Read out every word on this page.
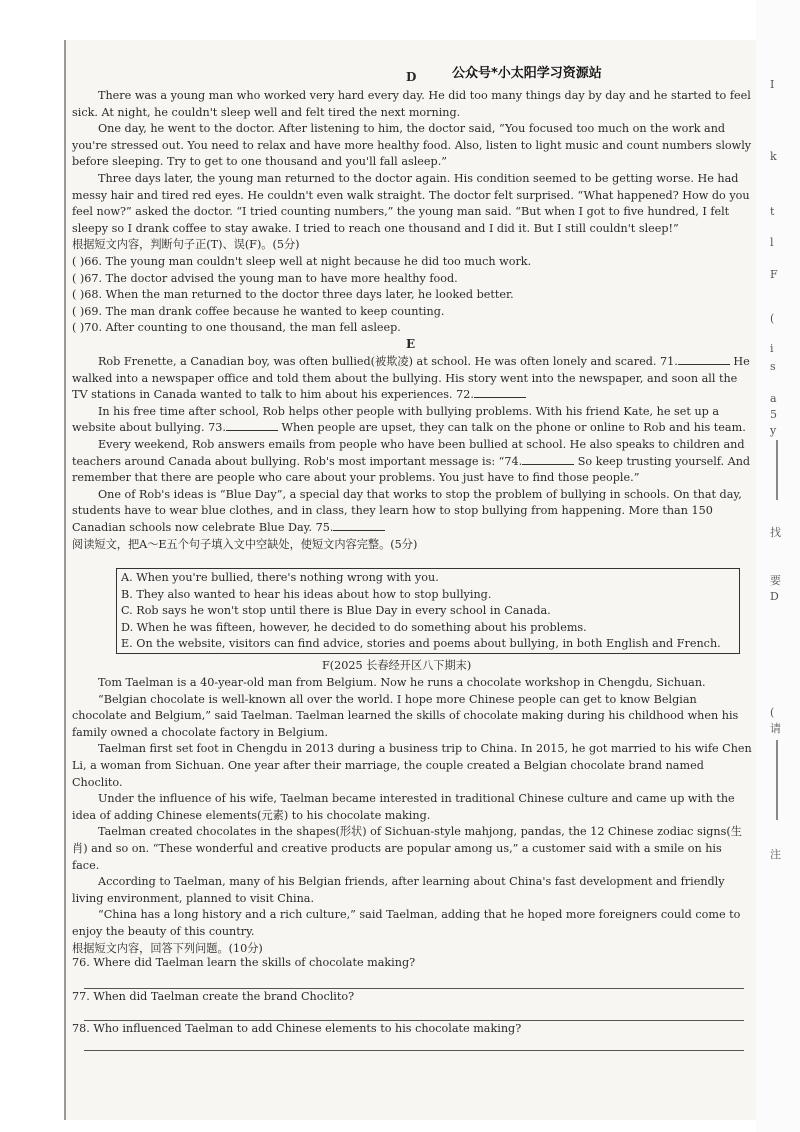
I
k
t
l
F
(
i
s
a
5
y
找
要
D
(
请
注
公众号*小太阳学习资源站
D

There was a young man who worked very hard every day. He did too many things day by day and he started to feel sick. At night, he couldn't sleep well and felt tired the next morning.

One day, he went to the doctor. After listening to him, the doctor said, “You focused too much on the work and you're stressed out. You need to relax and have more healthy food. Also, listen to light music and count numbers slowly before sleeping. Try to get to one thousand and you'll fall asleep.”

Three days later, the young man returned to the doctor again. His condition seemed to be getting worse. He had messy hair and tired red eyes. He couldn't even walk straight. The doctor felt surprised. “What happened? How do you feel now?” asked the doctor. “I tried counting numbers,” the young man said. “But when I got to five hundred, I felt sleepy so I drank coffee to stay awake. I tried to reach one thousand and I did it. But I still couldn't sleep!”

根据短文内容，判断句子正(T)、误(F)。(5分)

( )66. The young man couldn't sleep well at night because he did too much work.

( )67. The doctor advised the young man to have more healthy food.

( )68. When the man returned to the doctor three days later, he looked better.

( )69. The man drank coffee because he wanted to keep counting.

( )70. After counting to one thousand, the man fell asleep.

E

Rob Frenette, a Canadian boy, was often bullied(被欺凌) at school. He was often lonely and scared. 71.	He walked into a newspaper office and told them about the bullying. His story went into the newspaper, and soon all the TV stations in Canada wanted to talk to him about his experiences. 72.

In his free time after school, Rob helps other people with bullying problems. With his friend Kate, he set up a website about bullying. 73.	When people are upset, they can talk on the phone or online to Rob and his team.

Every weekend, Rob answers emails from people who have been bullied at school. He also speaks to children and teachers around Canada about bullying. Rob's most important message is: “74.	So keep trusting yourself. And remember that there are people who care about your problems. You just have to find those people.”

One of Rob's ideas is “Blue Day”, a special day that works to stop the problem of bullying in schools. On that day, students have to wear blue clothes, and in class, they learn how to stop bullying from happening. More than 150 Canadian schools now celebrate Blue Day. 75.

阅读短文，把A～E五个句子填入文中空缺处，使短文内容完整。(5分)

A. When you're bullied, there's nothing wrong with you.

B. They also wanted to hear his ideas about how to stop bullying.

C. Rob says he won't stop until there is Blue Day in every school in Canada.

D. When he was fifteen, however, he decided to do something about his problems.

E. On the website, visitors can find advice, stories and poems about bullying, in both English and French.

F(2025 长春经开区八下期末)

Tom Taelman is a 40-year-old man from Belgium. Now he runs a chocolate workshop in Chengdu, Sichuan.

“Belgian chocolate is well-known all over the world. I hope more Chinese people can get to know Belgian chocolate and Belgium,” said Taelman. Taelman learned the skills of chocolate making during his childhood when his family owned a chocolate factory in Belgium.

Taelman first set foot in Chengdu in 2013 during a business trip to China. In 2015, he got married to his wife Chen Li, a woman from Sichuan. One year after their marriage, the couple created a Belgian chocolate brand named Choclito.

Under the influence of his wife, Taelman became interested in traditional Chinese culture and came up with the idea of adding Chinese elements(元素) to his chocolate making.

Taelman created chocolates in the shapes(形状) of Sichuan-style mahjong, pandas, the 12 Chinese zodiac signs(生肖) and so on. “These wonderful and creative products are popular among us,” a customer said with a smile on his face.

According to Taelman, many of his Belgian friends, after learning about China's fast development and friendly living environment, planned to visit China.

“China has a long history and a rich culture,” said Taelman, adding that he hoped more foreigners could come to enjoy the beauty of this country.

根据短文内容，回答下列问题。(10分)

76. Where did Taelman learn the skills of chocolate making?
77. When did Taelman create the brand Choclito?
78. Who influenced Taelman to add Chinese elements to his chocolate making?
